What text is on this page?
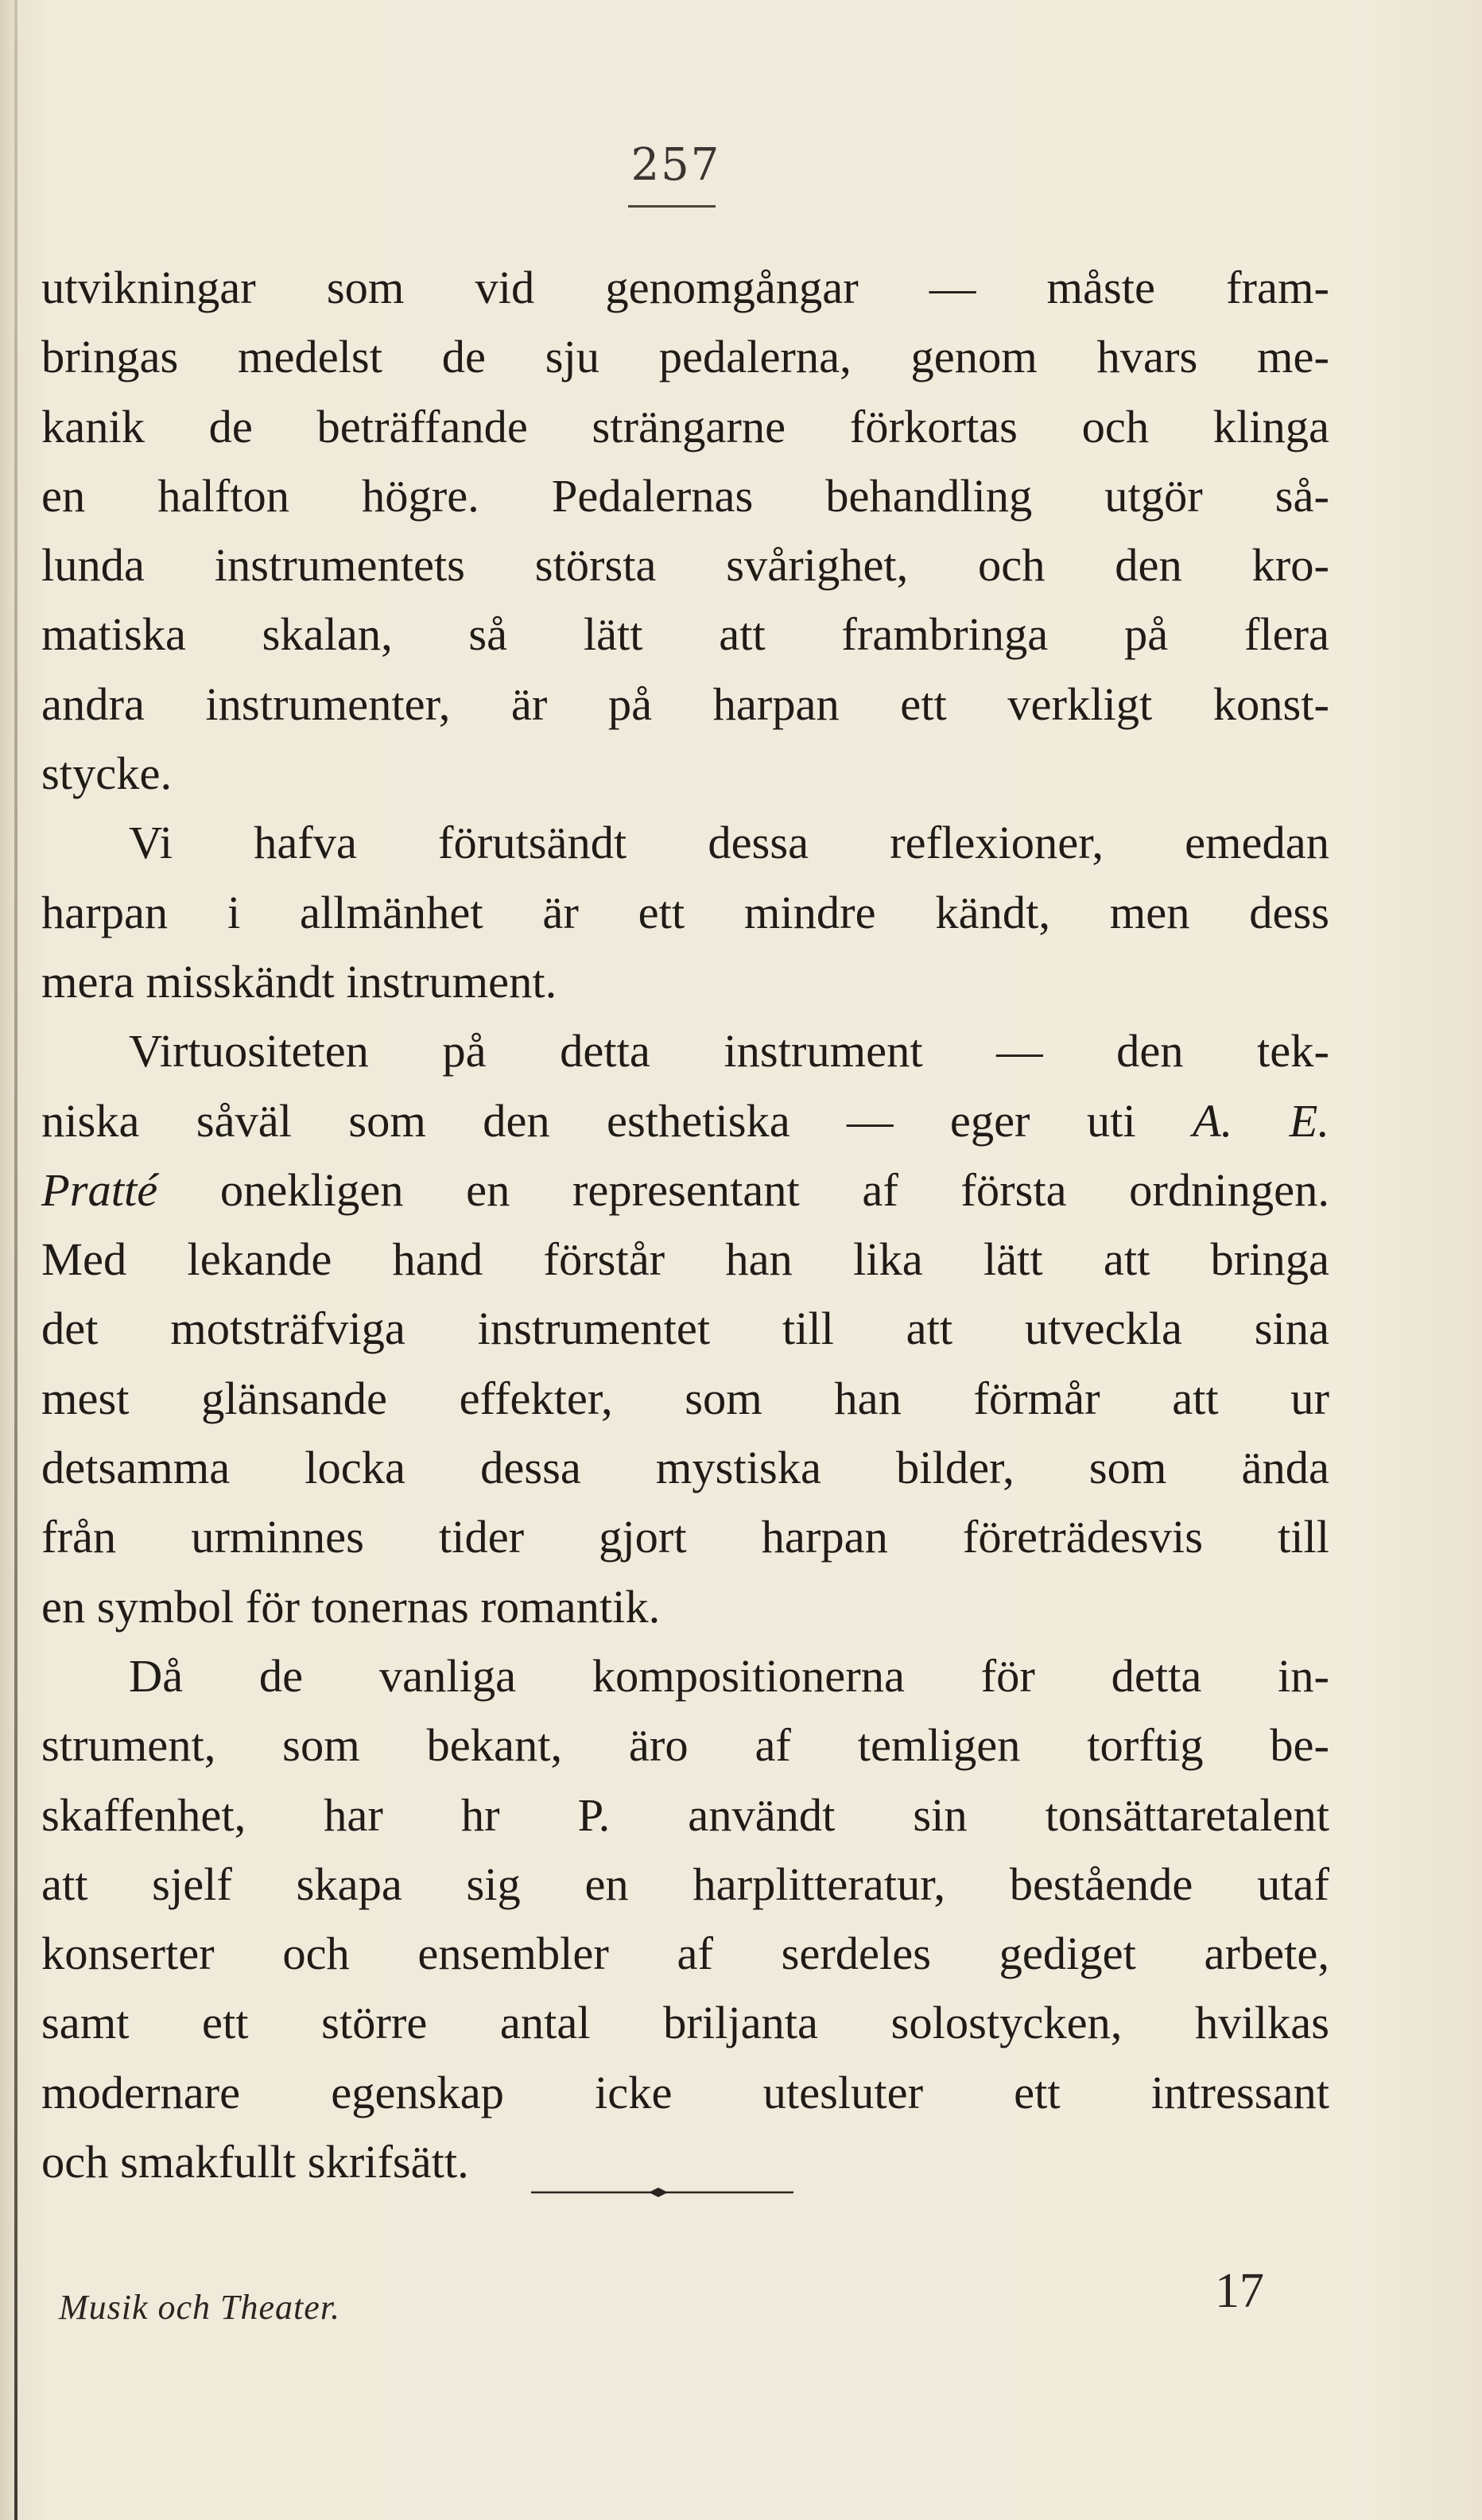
257
utvikningar som vid genomgångar — måste fram-
bringas medelst de sju pedalerna, genom hvars me-
kanik de beträffande strängarne förkortas och klinga
en halfton högre. Pedalernas behandling utgör så-
lunda instrumentets största svårighet, och den kro-
matiska skalan, så lätt att frambringa på flera
andra instrumenter, är på harpan ett verkligt konst-
stycke.
Vi hafva förutsändt dessa reflexioner, emedan
harpan i allmänhet är ett mindre kändt, men dess
mera misskändt instrument.
Virtuositeten på detta instrument — den tek-
niska såväl som den esthetiska — eger uti A. E.
Pratté onekligen en representant af första ordningen.
Med lekande hand förstår han lika lätt att bringa
det motsträfviga instrumentet till att utveckla sina
mest glänsande effekter, som han förmår att ur
detsamma locka dessa mystiska bilder, som ända
från urminnes tider gjort harpan företrädesvis till
en symbol för tonernas romantik.
Då de vanliga kompositionerna för detta in-
strument, som bekant, äro af temligen torftig be-
skaffenhet, har hr P. användt sin tonsättaretalent
att sjelf skapa sig en harplitteratur, bestående utaf
konserter och ensembler af serdeles gediget arbete,
samt ett större antal briljanta solostycken, hvilkas
modernare egenskap icke utesluter ett intressant
och smakfullt skrifsätt.
Musik och Theater.	17
